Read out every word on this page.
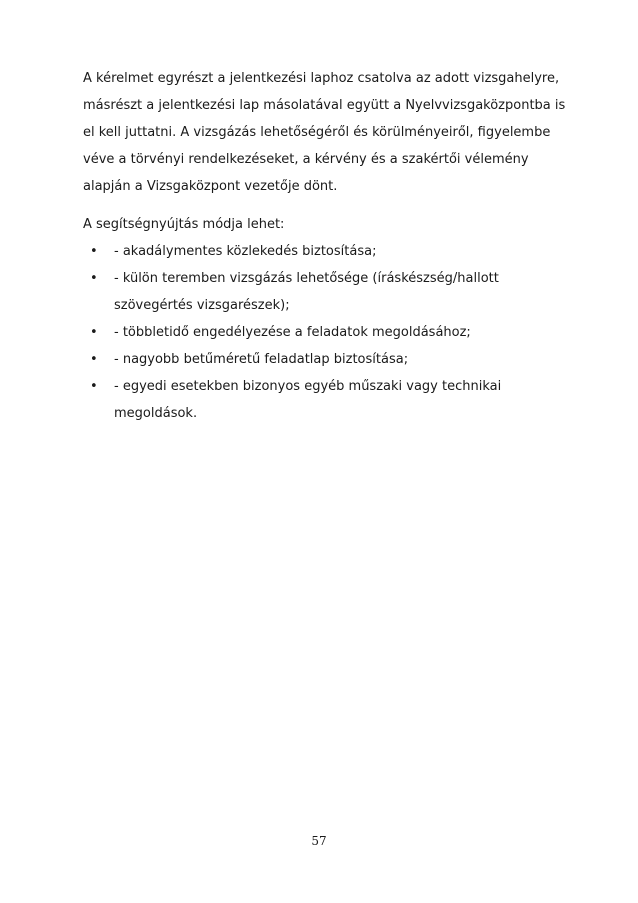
A kérelmet egyrészt a jelentkezési laphoz csatolva az adott vizsgahelyre,
másrészt a jelentkezési lap másolatával együtt a Nyelvvizsgaközpontba is
el kell juttatni. A vizsgázás lehetőségéről és körülményeiről, figyelembe
véve a törvényi rendelkezéseket, a kérvény és a szakértői vélemény
alapján a Vizsgaközpont vezetője dönt.

A segítségnyújtás módja lehet:

• - akadálymentes közlekedés biztosítása;
• - külön teremben vizsgázás lehetősége (íráskészség/hallott
szövegértés vizsgarészek);
• - többletidő engedélyezése a feladatok megoldásához;
• - nagyobb betűméretű feladatlap biztosítása;
• - egyedi esetekben bizonyos egyéb műszaki vagy technikai
megoldások.
57
